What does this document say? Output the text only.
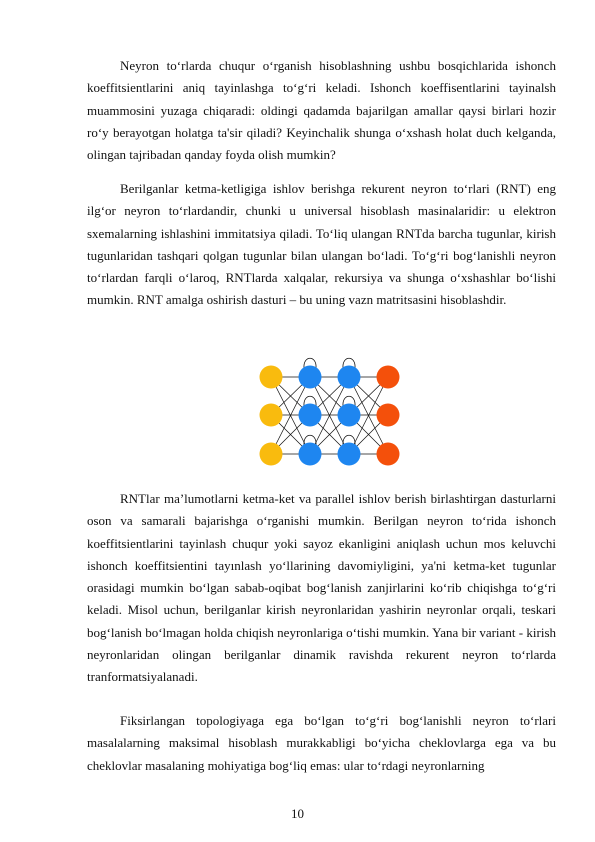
Neyron to‘rlarda chuqur o‘rganish hisoblashning ushbu bosqichlarida ishonch koeffitsientlarini aniq tayinlashga to‘g‘ri keladi. Ishonch koeffisentlarini tayinalsh muammosini yuzaga chiqaradi: oldingi qadamda bajarilgan amallar qaysi birlari hozir ro‘y berayotgan holatga ta'sir qiladi? Keyinchalik shunga o‘xshash holat duch kelganda, olingan tajribadan qanday foyda olish mumkin?

Berilganlar ketma-ketligiga ishlov berishga rekurent neyron to‘rlari (RNT) eng ilg‘or neyron to‘rlardandir, chunki u universal hisoblash masinalaridir: u elektron sxemalarning ishlashini immitatsiya qiladi. To‘liq ulangan RNTda barcha tugunlar, kirish tugunlaridan tashqari qolgan tugunlar bilan ulangan bo‘ladi. To‘g‘ri bog‘lanishli neyron to‘rlardan farqli o‘laroq, RNTlarda xalqalar, rekursiya va shunga o‘xshashlar bo‘lishi mumkin. RNT amalga oshirish dasturi – bu uning vazn matritsasini hisoblashdir.

RNTlar ma’lumotlarni ketma-ket va parallel ishlov berish birlashtirgan dasturlarni oson va samarali bajarishga o‘rganishi mumkin. Berilgan neyron to‘rida ishonch koeffitsientlarini tayinlash chuqur yoki sayoz ekanligini aniqlash uchun mos keluvchi ishonch koeffitsientini tayınlash yo‘llarining davomiyligini, ya'ni ketma-ket tugunlar orasidagi mumkin bo‘lgan sabab-oqibat bog‘lanish zanjirlarini ko‘rib chiqishga to‘g‘ri keladi. Misol uchun, berilganlar kirish neyronlaridan yashirin neyronlar orqali, teskari bog‘lanish bo‘lmagan holda chiqish neyronlariga o‘tishi mumkin. Yana bir variant - kirish neyronlaridan olingan berilganlar dinamik ravishda rekurent neyron to‘rlarda tranformatsiyalanadi.

Fiksirlangan topologiyaga ega bo‘lgan to‘g‘ri bog‘lanishli neyron to‘rlari masalalarning maksimal hisoblash murakkabligi bo‘yicha cheklovlarga ega va bu cheklovlar masalaning mohiyatiga bog‘liq emas: ular to‘rdagi neyronlarning

10
